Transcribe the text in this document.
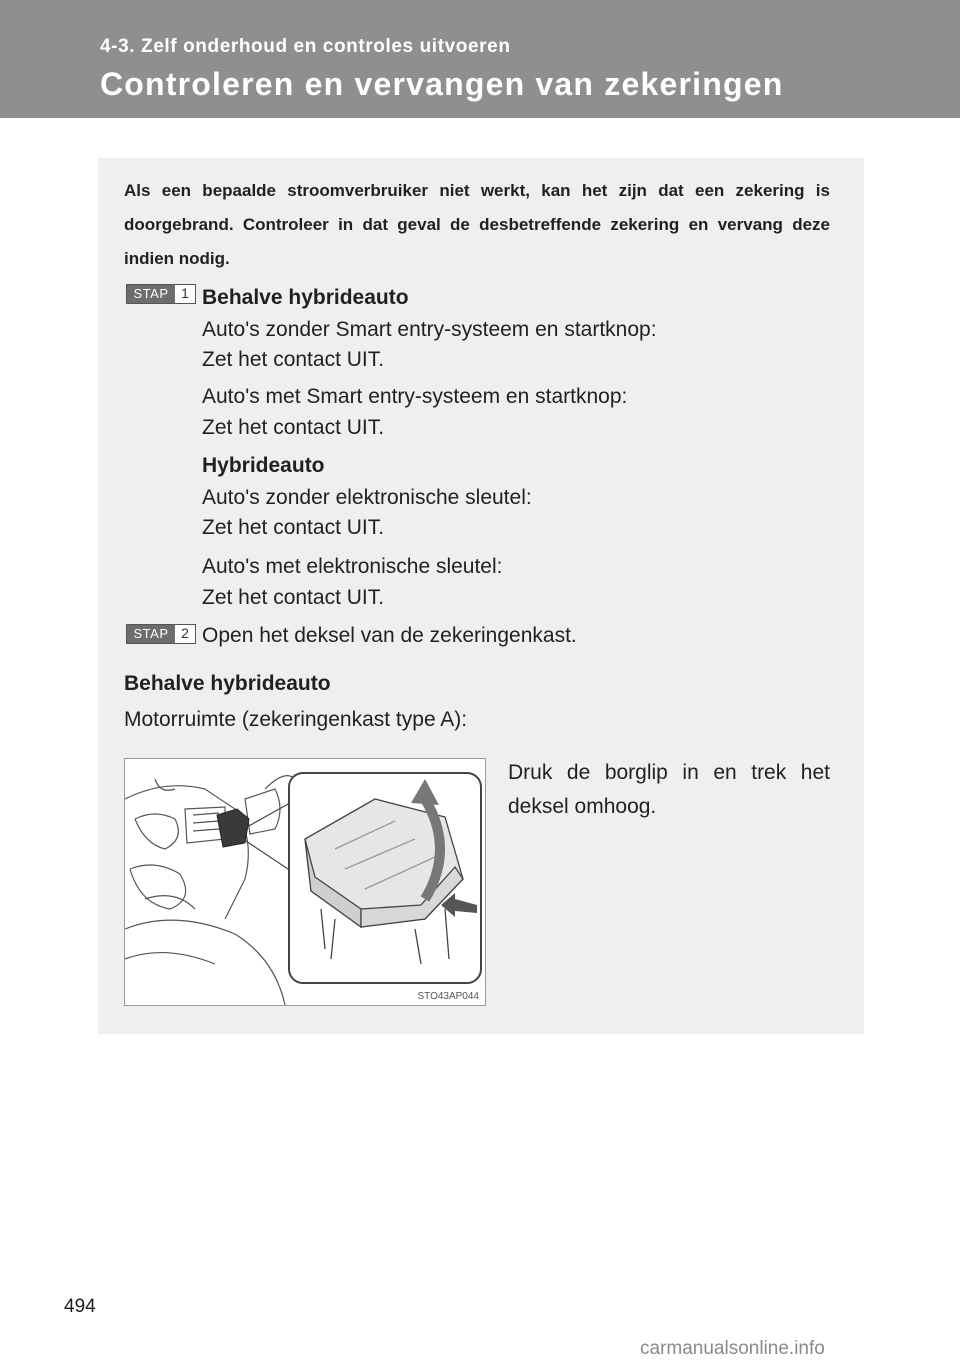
4-3. Zelf onderhoud en controles uitvoeren
Controleren en vervangen van zekeringen
Als een bepaalde stroomverbruiker niet werkt, kan het zijn dat een zekering is doorgebrand. Controleer in dat geval de desbetreffende zekering en vervang deze indien nodig.
STAP 1 Behalve hybrideauto
Auto's zonder Smart entry-systeem en startknop:
Zet het contact UIT.
Auto's met Smart entry-systeem en startknop:
Zet het contact UIT.
Hybrideauto
Auto's zonder elektronische sleutel:
Zet het contact UIT.
Auto's met elektronische sleutel:
Zet het contact UIT.
STAP 2 Open het deksel van de zekeringenkast.
Behalve hybrideauto
Motorruimte (zekeringenkast type A):
STO43AP044
Druk de borglip in en trek het deksel omhoog.
494
carmanualsonline.info
